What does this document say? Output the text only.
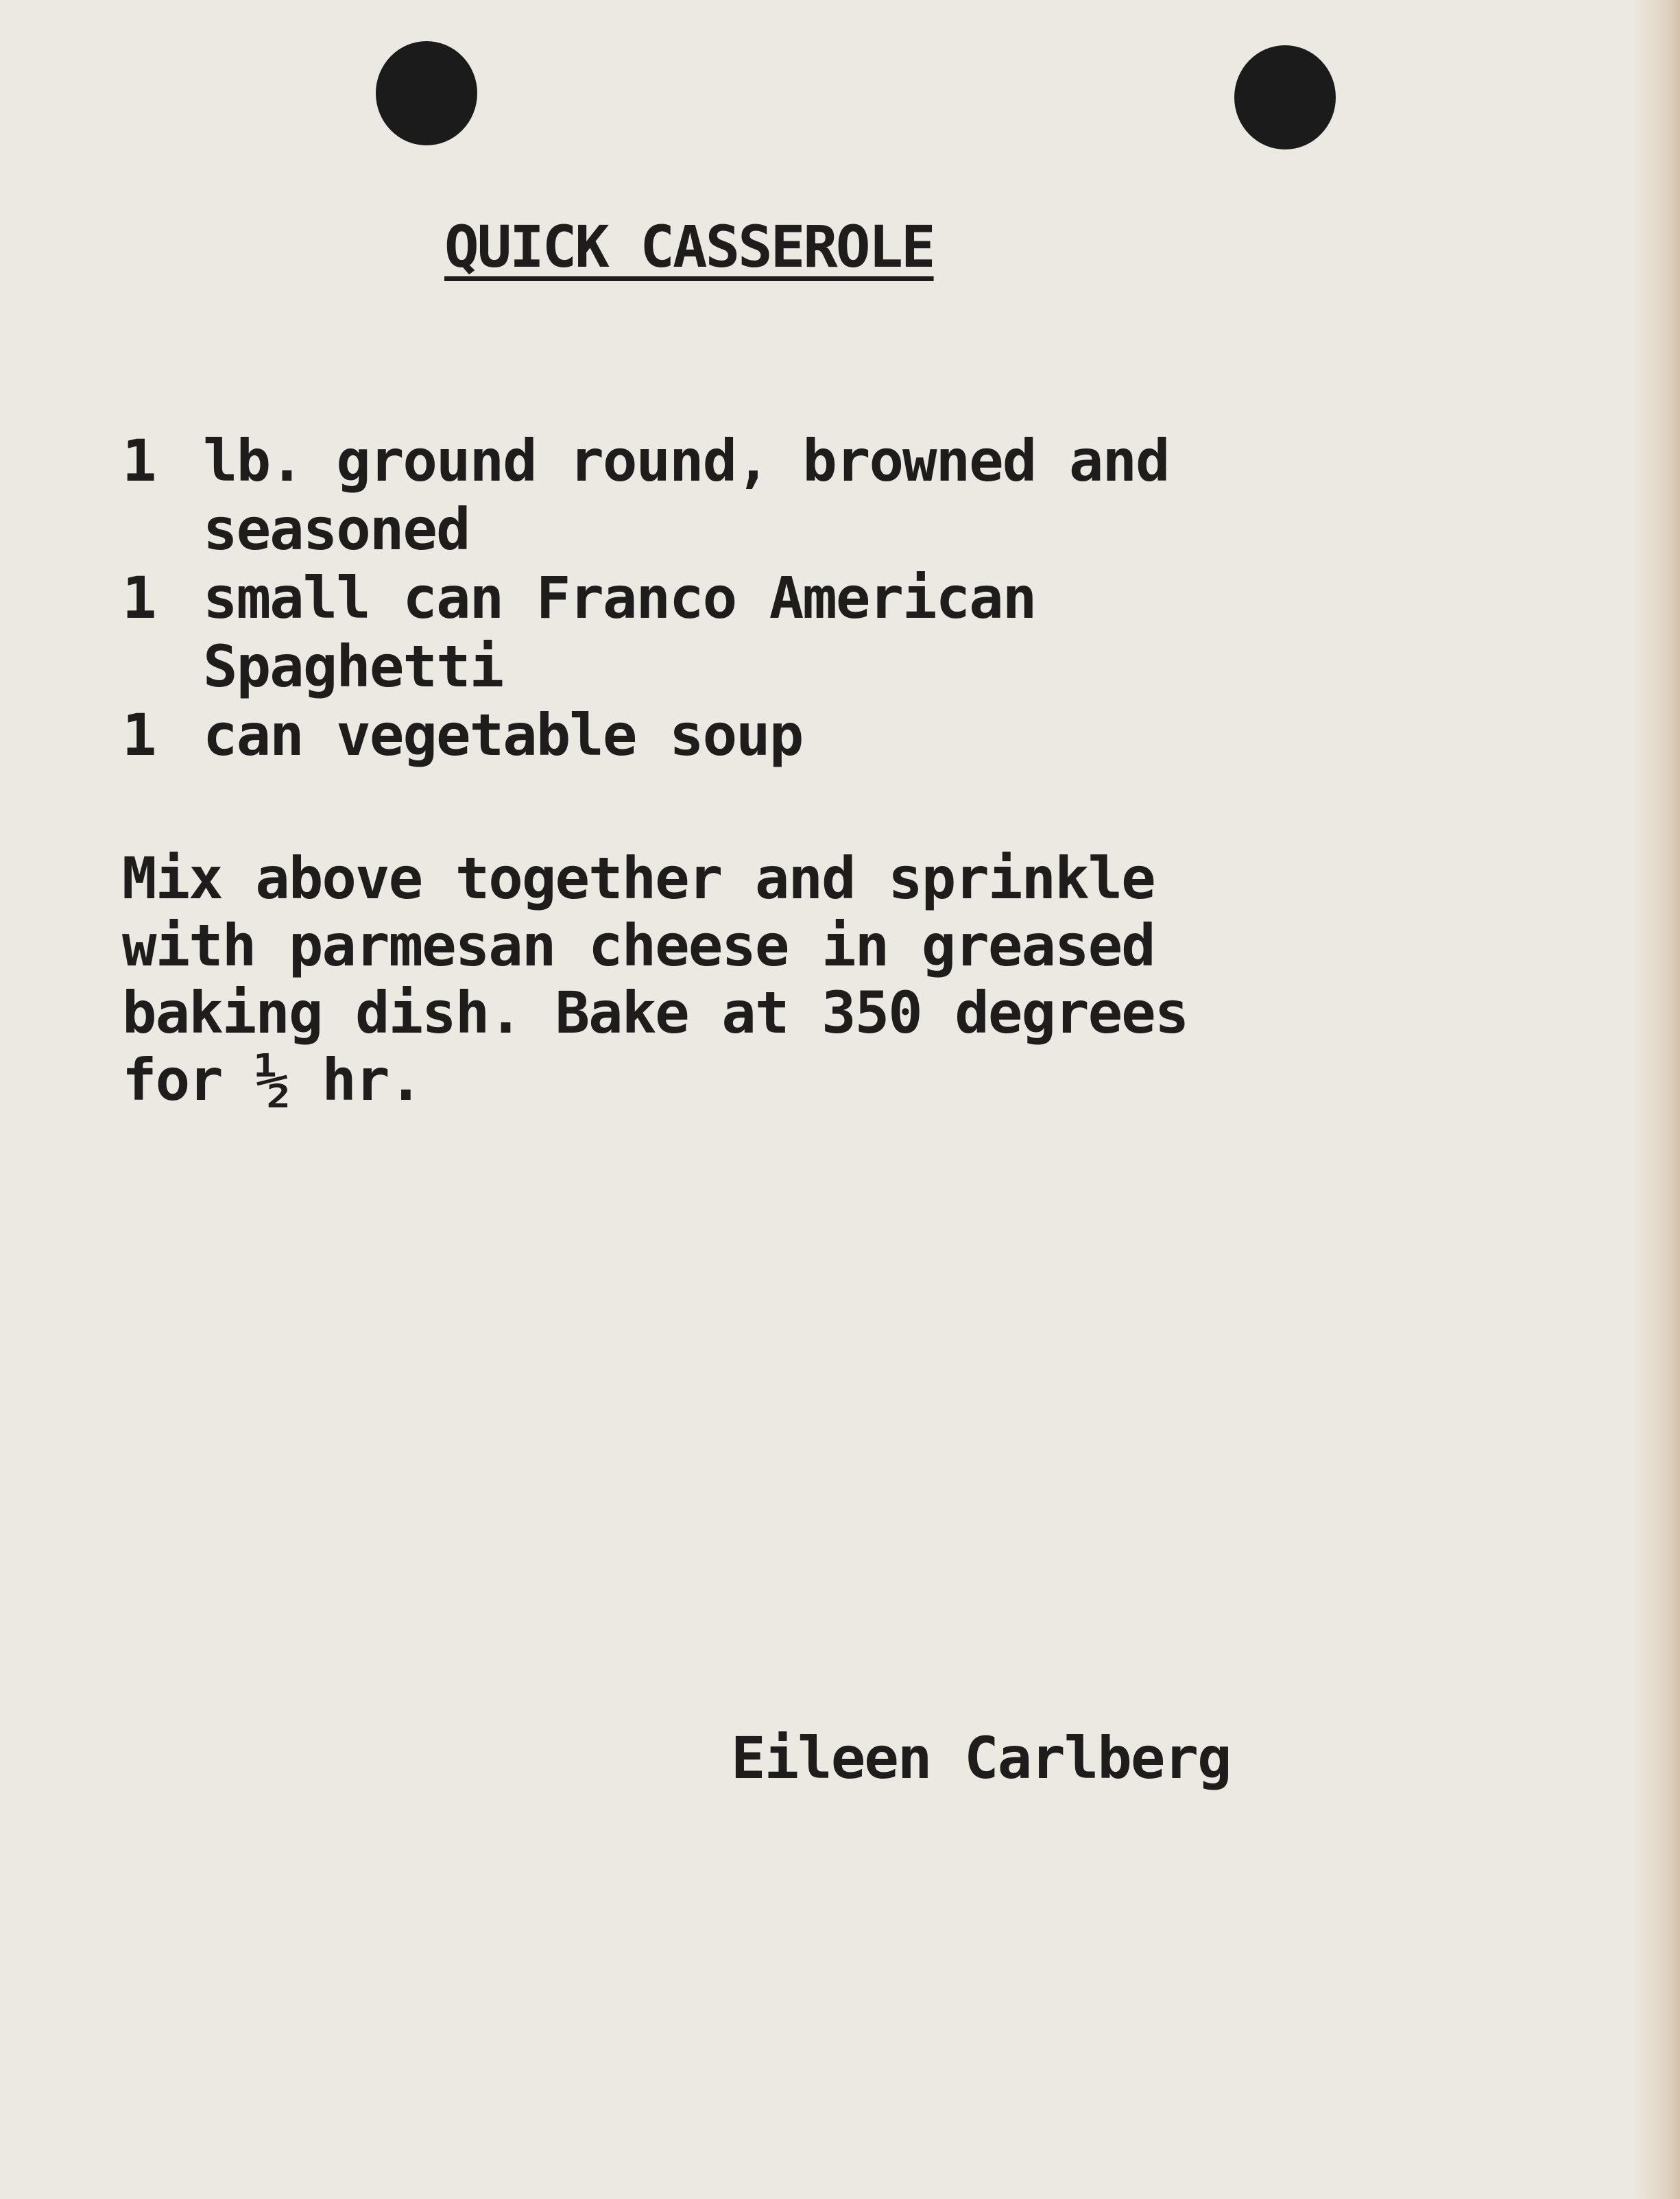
QUICK CASSEROLE
1 lb. ground round, browned and
seasoned
1 small can Franco American
Spaghetti
1 can vegetable soup
Mix above together and sprinkle
with parmesan cheese in greased
baking dish. Bake at 350 degrees
for ½ hr.
Eileen Carlberg
